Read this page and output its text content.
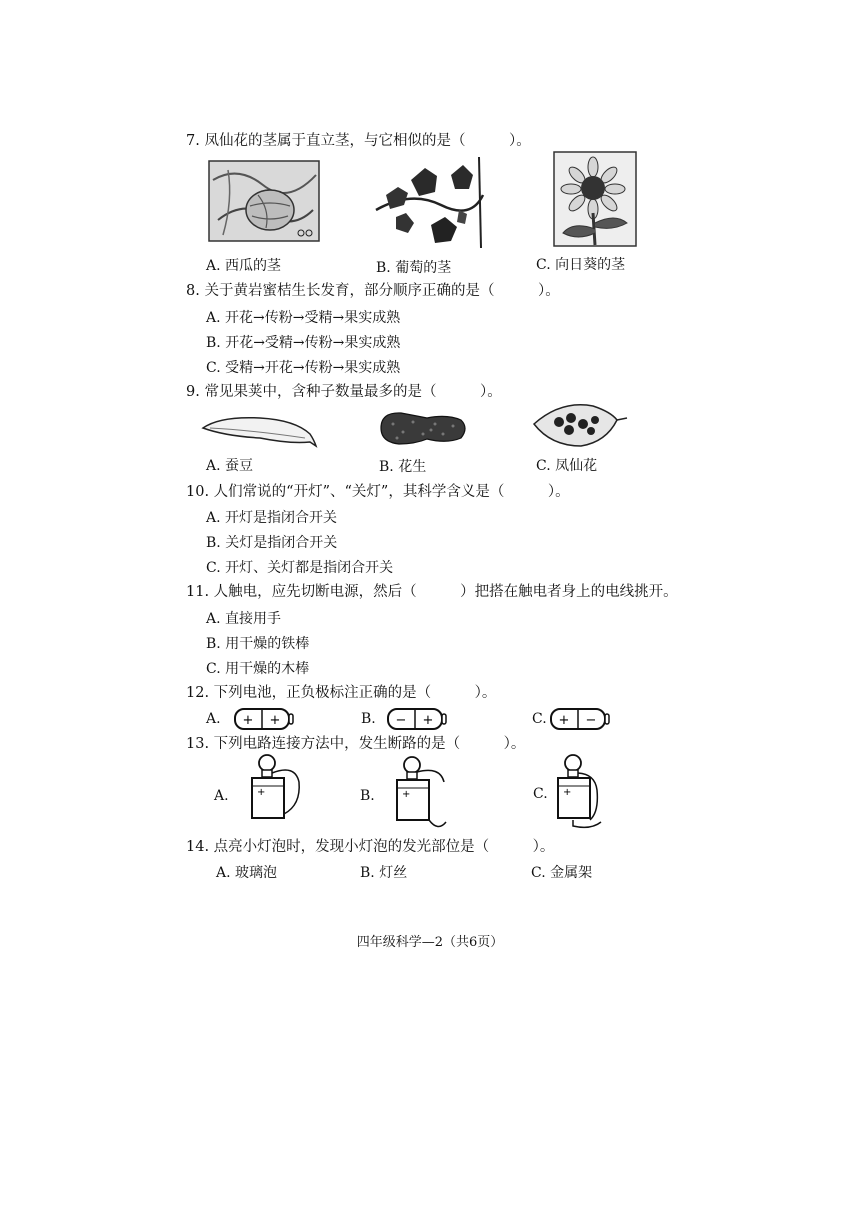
7. 凤仙花的茎属于直立茎，与它相似的是（　　　）。
A. 西瓜的茎	B. 葡萄的茎	C. 向日葵的茎
8. 关于黄岩蜜桔生长发育，部分顺序正确的是（　　　）。
A. 开花→传粉→受精→果实成熟
B. 开花→受精→传粉→果实成熟
C. 受精→开花→传粉→果实成熟
9. 常见果荚中，含种子数量最多的是（　　　）。
A. 蚕豆	B. 花生	C. 凤仙花
10. 人们常说的“开灯”、“关灯”，其科学含义是（　　　）。
A. 开灯是指闭合开关
B. 关灯是指闭合开关
C. 开灯、关灯都是指闭合开关
11. 人触电，应先切断电源，然后（　　　）把搭在触电者身上的电线挑开。
A. 直接用手
B. 用干燥的铁棒
C. 用干燥的木棒
12. 下列电池，正负极标注正确的是（　　　）。
A. + +	B. − +	C. + −
13. 下列电路连接方法中，发生断路的是（　　　）。
A.	+	B.	+	C. +
14. 点亮小灯泡时，发现小灯泡的发光部位是（　　　）。
A. 玻璃泡	B. 灯丝	C. 金属架
四年级科学—2（共6页）
